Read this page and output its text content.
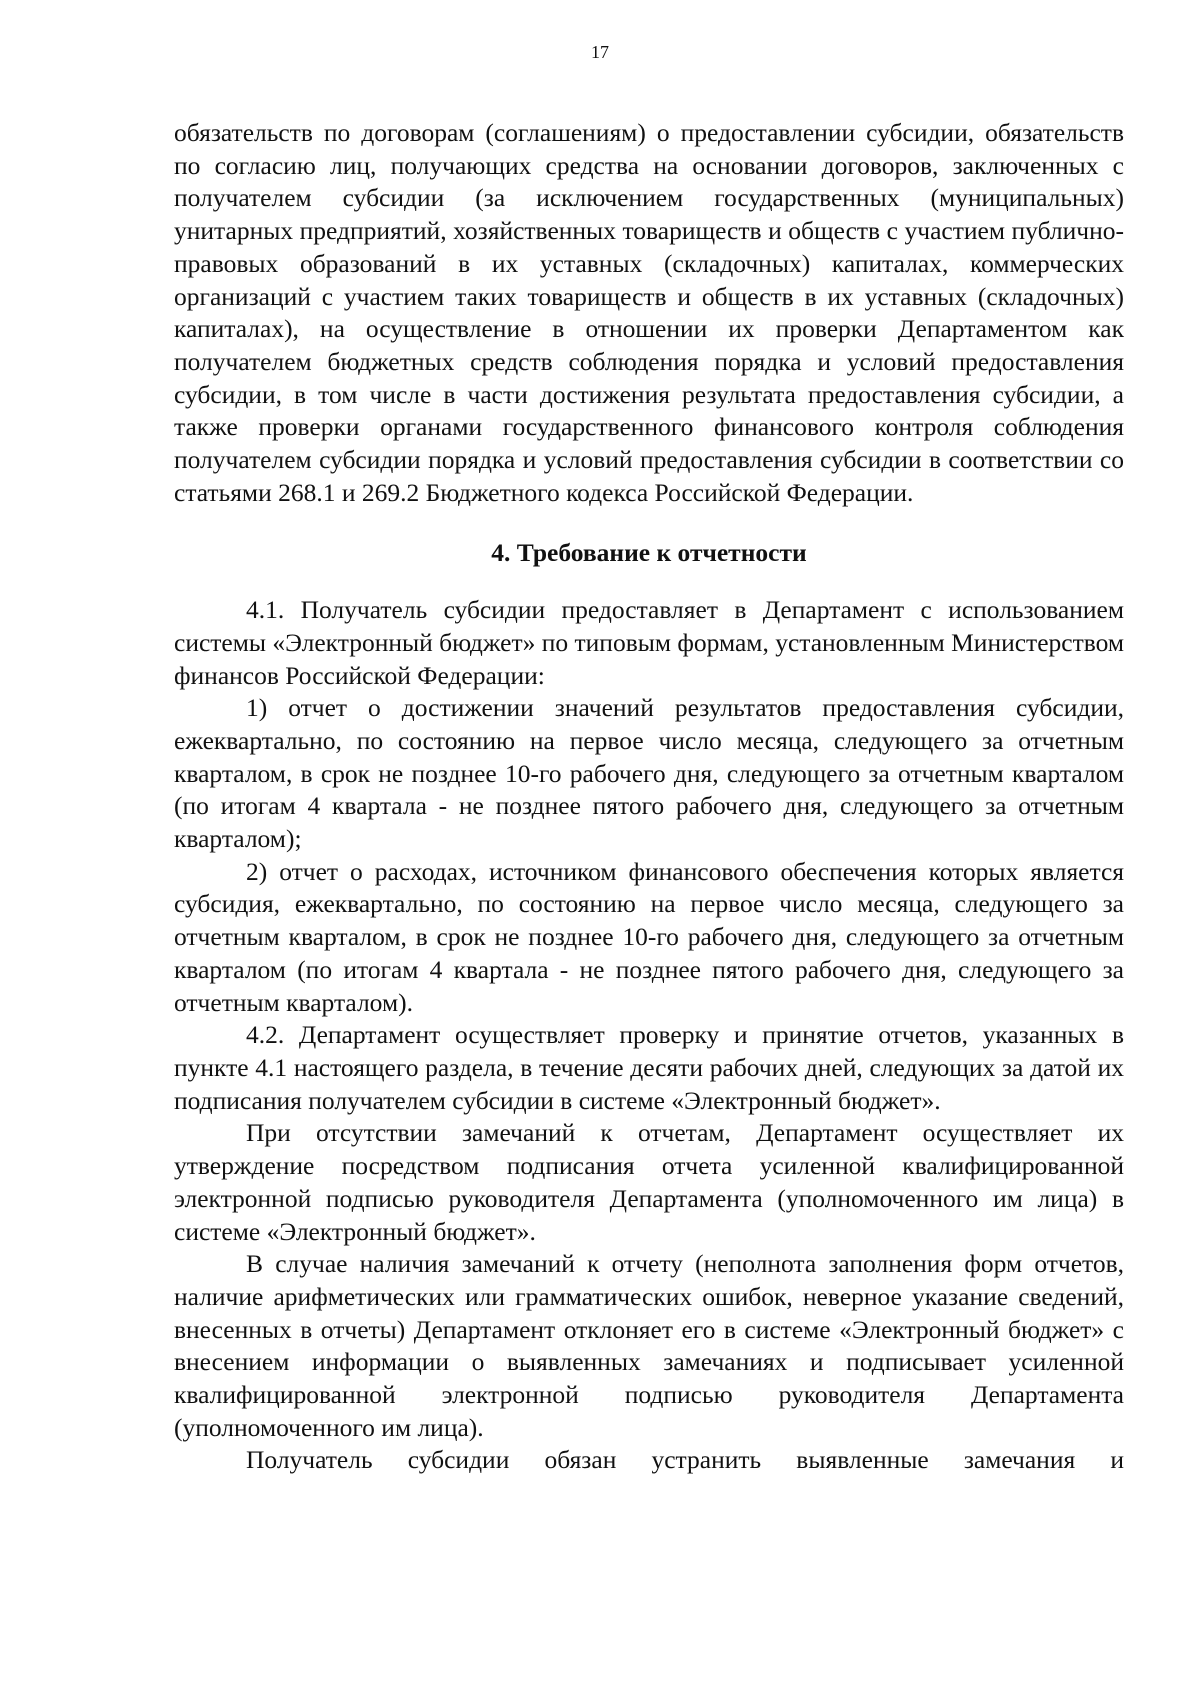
17

обязательств по договорам (соглашениям) о предоставлении субсидии, обязательств по согласию лиц, получающих средства на основании договоров, заключенных с получателем субсидии (за исключением государственных (муниципальных) унитарных предприятий, хозяйственных товариществ и обществ с участием публично-правовых образований в их уставных (складочных) капиталах, коммерческих организаций с участием таких товариществ и обществ в их уставных (складочных) капиталах), на осуществление в отношении их проверки Департаментом как получателем бюджетных средств соблюдения порядка и условий предоставления субсидии, в том числе в части достижения результата предоставления субсидии, а также проверки органами государственного финансового контроля соблюдения получателем субсидии порядка и условий предоставления субсидии в соответствии со статьями 268.1 и 269.2 Бюджетного кодекса Российской Федерации.

4. Требование к отчетности

4.1. Получатель субсидии предоставляет в Департамент с использованием системы «Электронный бюджет» по типовым формам, установленным Министерством финансов Российской Федерации:

1) отчет о достижении значений результатов предоставления субсидии, ежеквартально, по состоянию на первое число месяца, следующего за отчетным кварталом, в срок не позднее 10-го рабочего дня, следующего за отчетным кварталом (по итогам 4 квартала - не позднее пятого рабочего дня, следующего за отчетным кварталом);

2) отчет о расходах, источником финансового обеспечения которых является субсидия, ежеквартально, по состоянию на первое число месяца, следующего за отчетным кварталом, в срок не позднее 10-го рабочего дня, следующего за отчетным кварталом (по итогам 4 квартала - не позднее пятого рабочего дня, следующего за отчетным кварталом).

4.2. Департамент осуществляет проверку и принятие отчетов, указанных в пункте 4.1 настоящего раздела, в течение десяти рабочих дней, следующих за датой их подписания получателем субсидии в системе «Электронный бюджет».

При отсутствии замечаний к отчетам, Департамент осуществляет их утверждение посредством подписания отчета усиленной квалифицированной электронной подписью руководителя Департамента (уполномоченного им лица) в системе «Электронный бюджет».

В случае наличия замечаний к отчету (неполнота заполнения форм отчетов, наличие арифметических или грамматических ошибок, неверное указание сведений, внесенных в отчеты) Департамент отклоняет его в системе «Электронный бюджет» с внесением информации о выявленных замечаниях и подписывает усиленной квалифицированной электронной подписью руководителя Департамента (уполномоченного им лица).

Получатель субсидии обязан устранить выявленные замечания и
